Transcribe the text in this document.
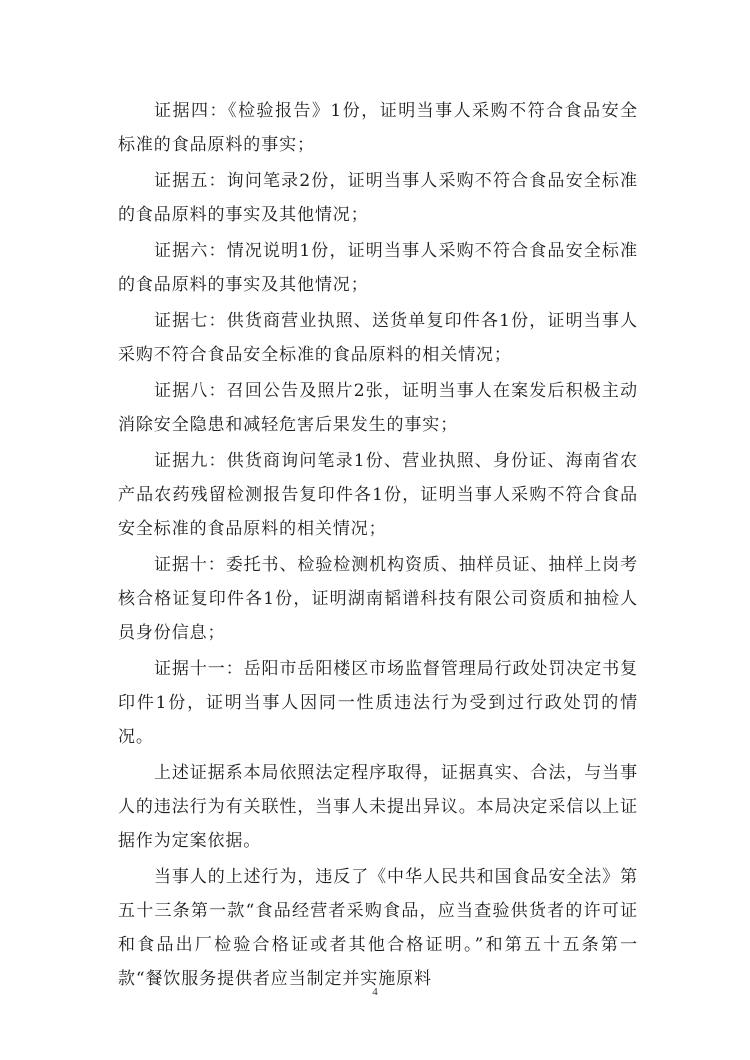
证据四：《检验报告》1份，证明当事人采购不符合食品安全标准的食品原料的事实；

证据五：询问笔录2份，证明当事人采购不符合食品安全标准的食品原料的事实及其他情况；

证据六：情况说明1份，证明当事人采购不符合食品安全标准的食品原料的事实及其他情况；

证据七：供货商营业执照、送货单复印件各1份，证明当事人采购不符合食品安全标准的食品原料的相关情况；

证据八：召回公告及照片2张，证明当事人在案发后积极主动消除安全隐患和减轻危害后果发生的事实；

证据九：供货商询问笔录1份、营业执照、身份证、海南省农产品农药残留检测报告复印件各1份，证明当事人采购不符合食品安全标准的食品原料的相关情况；

证据十：委托书、检验检测机构资质、抽样员证、抽样上岗考核合格证复印件各1份，证明湖南韬谱科技有限公司资质和抽检人员身份信息；

证据十一：岳阳市岳阳楼区市场监督管理局行政处罚决定书复印件1份，证明当事人因同一性质违法行为受到过行政处罚的情况。

上述证据系本局依照法定程序取得，证据真实、合法，与当事人的违法行为有关联性，当事人未提出异议。本局决定采信以上证据作为定案依据。

当事人的上述行为，违反了《中华人民共和国食品安全法》第五十三条第一款“食品经营者采购食品，应当查验供货者的许可证和食品出厂检验合格证或者其他合格证明。”和第五十五条第一款“餐饮服务提供者应当制定并实施原料

4
